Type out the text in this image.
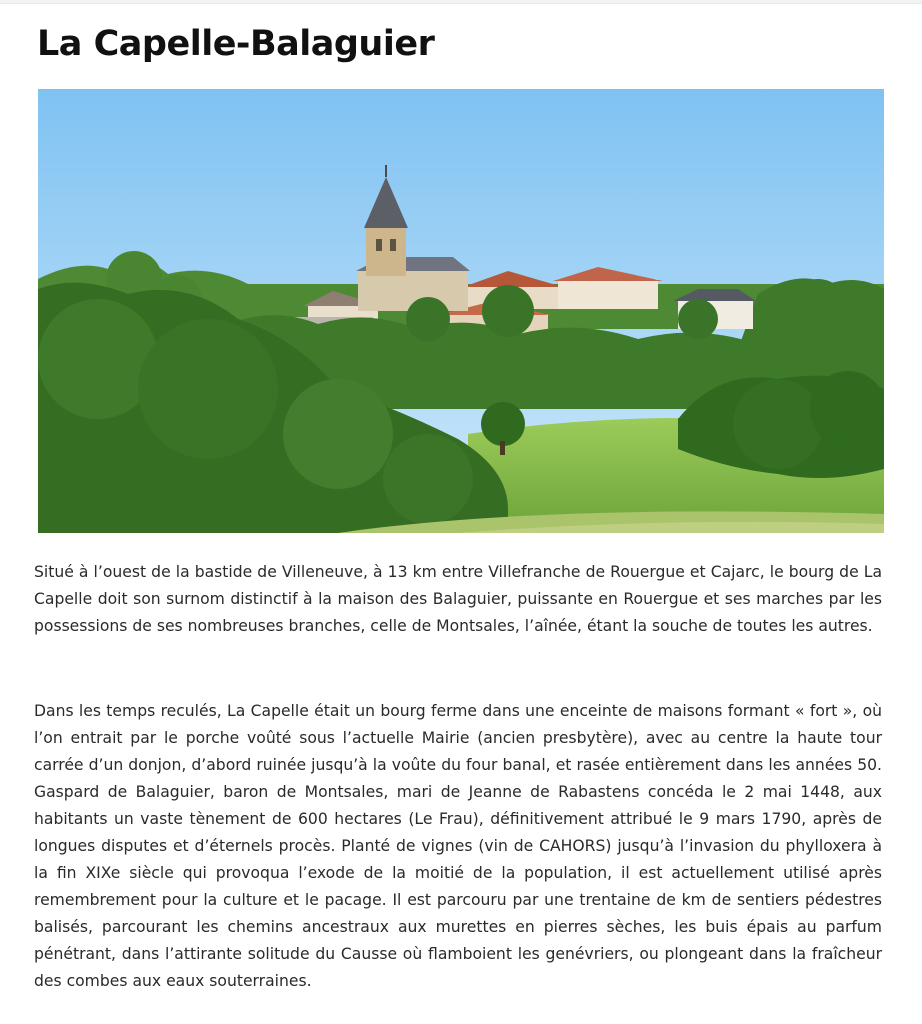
La Capelle-Balaguier

Situé à l’ouest de la bastide de Villeneuve, à 13 km entre Villefranche de Rouergue et Cajarc, le bourg de La Capelle doit son surnom distinctif à la maison des Balaguier, puissante en Rouergue et ses marches par les possessions de ses nombreuses branches, celle de Montsales, l’aînée, étant la souche de toutes les autres.

Dans les temps reculés, La Capelle était un bourg ferme dans une enceinte de maisons formant « fort », où l’on entrait par le porche voûté sous l’actuelle Mairie (ancien presbytère), avec au centre la haute tour carrée d’un donjon, d’abord ruinée jusqu’à la voûte du four banal, et rasée entièrement dans les années 50. Gaspard de Balaguier, baron de Montsales, mari de Jeanne de Rabastens concéda le 2 mai 1448, aux habitants un vaste tènement de 600 hectares (Le Frau), définitivement attribué le 9 mars 1790, après de longues disputes et d’éternels procès. Planté de vignes (vin de CAHORS) jusqu’à l’invasion du phylloxera à la fin XIXe siècle qui provoqua l’exode de la moitié de la population, il est actuellement utilisé après remembrement pour la culture et le pacage. Il est parcouru par une trentaine de km de sentiers pédestres balisés, parcourant les chemins ancestraux aux murettes en pierres sèches, les buis épais au parfum pénétrant, dans l’attirante solitude du Causse où flamboient les genévriers, ou plongeant dans la fraîcheur des combes aux eaux souterraines.
